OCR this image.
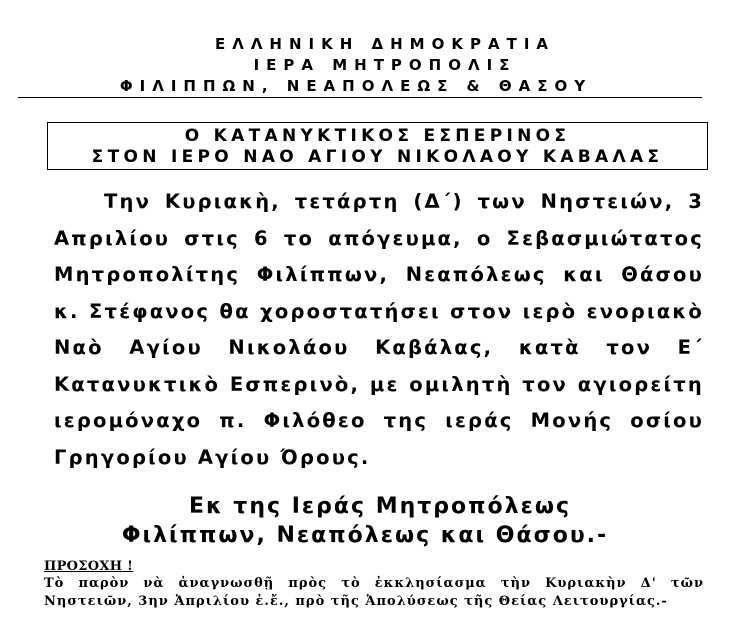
ΕΛΛΗΝΙΚΗ ΔΗΜΟΚΡΑΤΙΑ
ΙΕΡΑ ΜΗΤΡΟΠΟΛΙΣ
ΦΙΛΙΠΠΩΝ, ΝΕΑΠΟΛΕΩΣ & ΘΑΣΟΥ
Ο ΚΑΤΑΝΥΚΤΙΚΟΣ ΕΣΠΕΡΙΝΟΣ
ΣΤΟΝ ΙΕΡΟ ΝΑΟ ΑΓΙΟΥ ΝΙΚΟΛΑΟΥ ΚΑΒΑΛΑΣ

Την Κυριακὴ, τετάρτη (Δ΄) των Νηστειών, 3 Απριλίου στις 6 το απόγευμα, ο Σεβασμιώτατος Μητροπολίτης Φιλίππων, Νεαπόλεως και Θάσου κ. Στέφανος θα χοροστατήσει στον ιερὸ ενοριακὸ Ναὸ Αγίου Νικολάου Καβάλας, κατὰ τον Ε΄ Κατανυκτικὸ Εσπερινὸ, με ομιλητὴ τον αγιορείτη ιερομόναχο π. Φιλόθεο της ιεράς Μονής οσίου Γρηγορίου Αγίου Όρους.

Εκ της Ιεράς Μητροπόλεως
Φιλίππων, Νεαπόλεως και Θάσου.-
ΠΡΟΣΟΧΗ !

Τὸ παρὸν νὰ ἀναγνωσθῇ πρὸς τὸ ἐκκλησίασμα τὴν Κυριακὴν Δ' τῶν Νηστειῶν, 3ην Ἀπριλίου ἐ.ἔ., πρὸ τῆς Ἀπολύσεως τῆς Θείας Λειτουργίας.-
